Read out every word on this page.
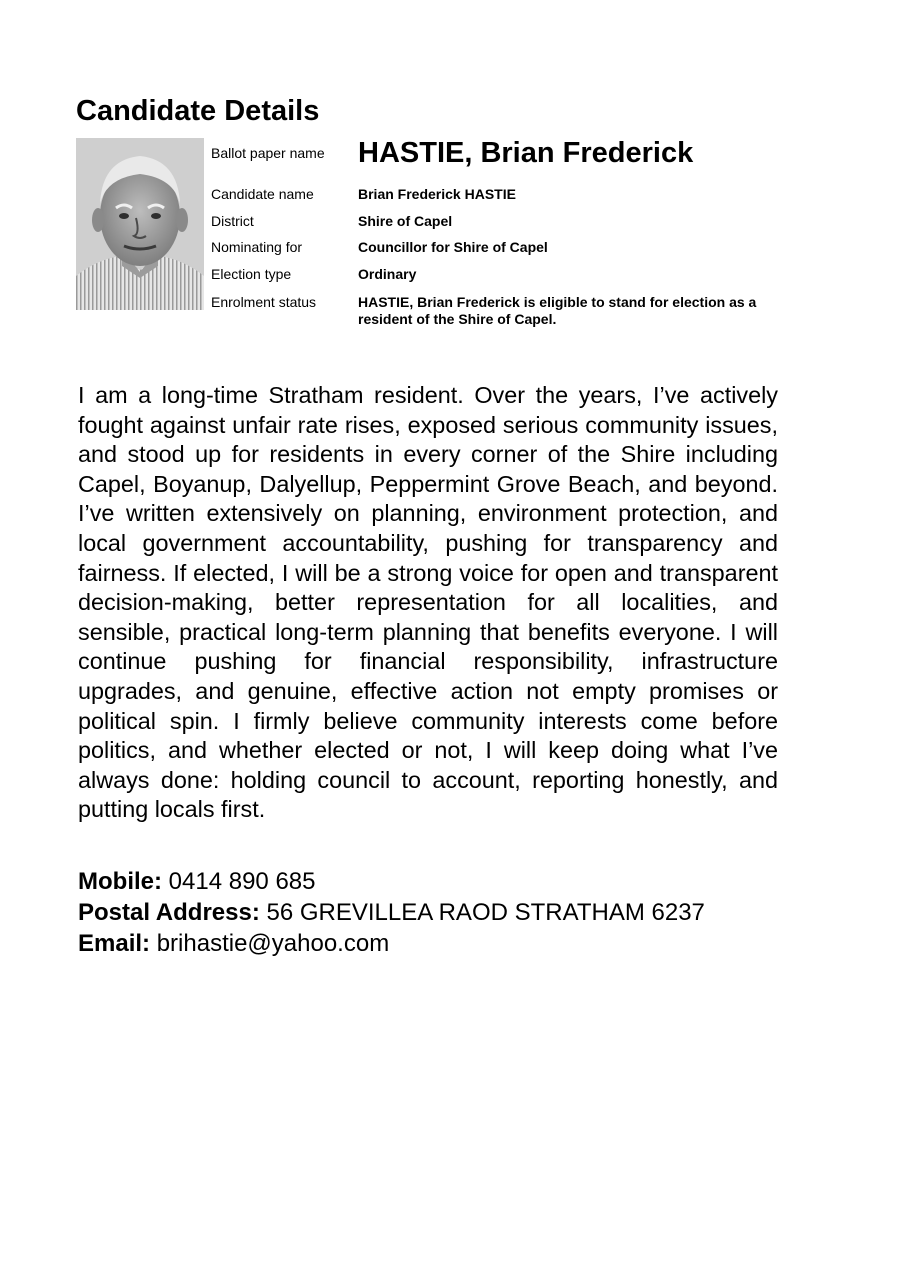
Candidate Details
Ballot paper name HASTIE, Brian Frederick
Candidate name	Brian Frederick HASTIE
District	Shire of Capel
Nominating for	Councillor for Shire of Capel
Election type	Ordinary
Enrolment status	HASTIE, Brian Frederick is eligible to stand for election as a resident of the Shire of Capel.

I am a long-time Stratham resident. Over the years, I’ve actively fought against unfair rate rises, exposed serious community issues, and stood up for residents in every corner of the Shire including Capel, Boyanup, Dalyellup, Peppermint Grove Beach, and beyond. I’ve written extensively on planning, environment protection, and local government accountability, pushing for transparency and fairness. If elected, I will be a strong voice for open and transparent decision-making, better representation for all localities, and sensible, practical long-term planning that benefits everyone. I will continue pushing for financial responsibility, infrastructure upgrades, and genuine, effective action not empty promises or political spin. I firmly believe community interests come before politics, and whether elected or not, I will keep doing what I’ve always done: holding council to account, reporting honestly, and putting locals first.

Mobile: 0414 890 685
Postal Address: 56 GREVILLEA RAOD STRATHAM 6237
Email: brihastie@yahoo.com
